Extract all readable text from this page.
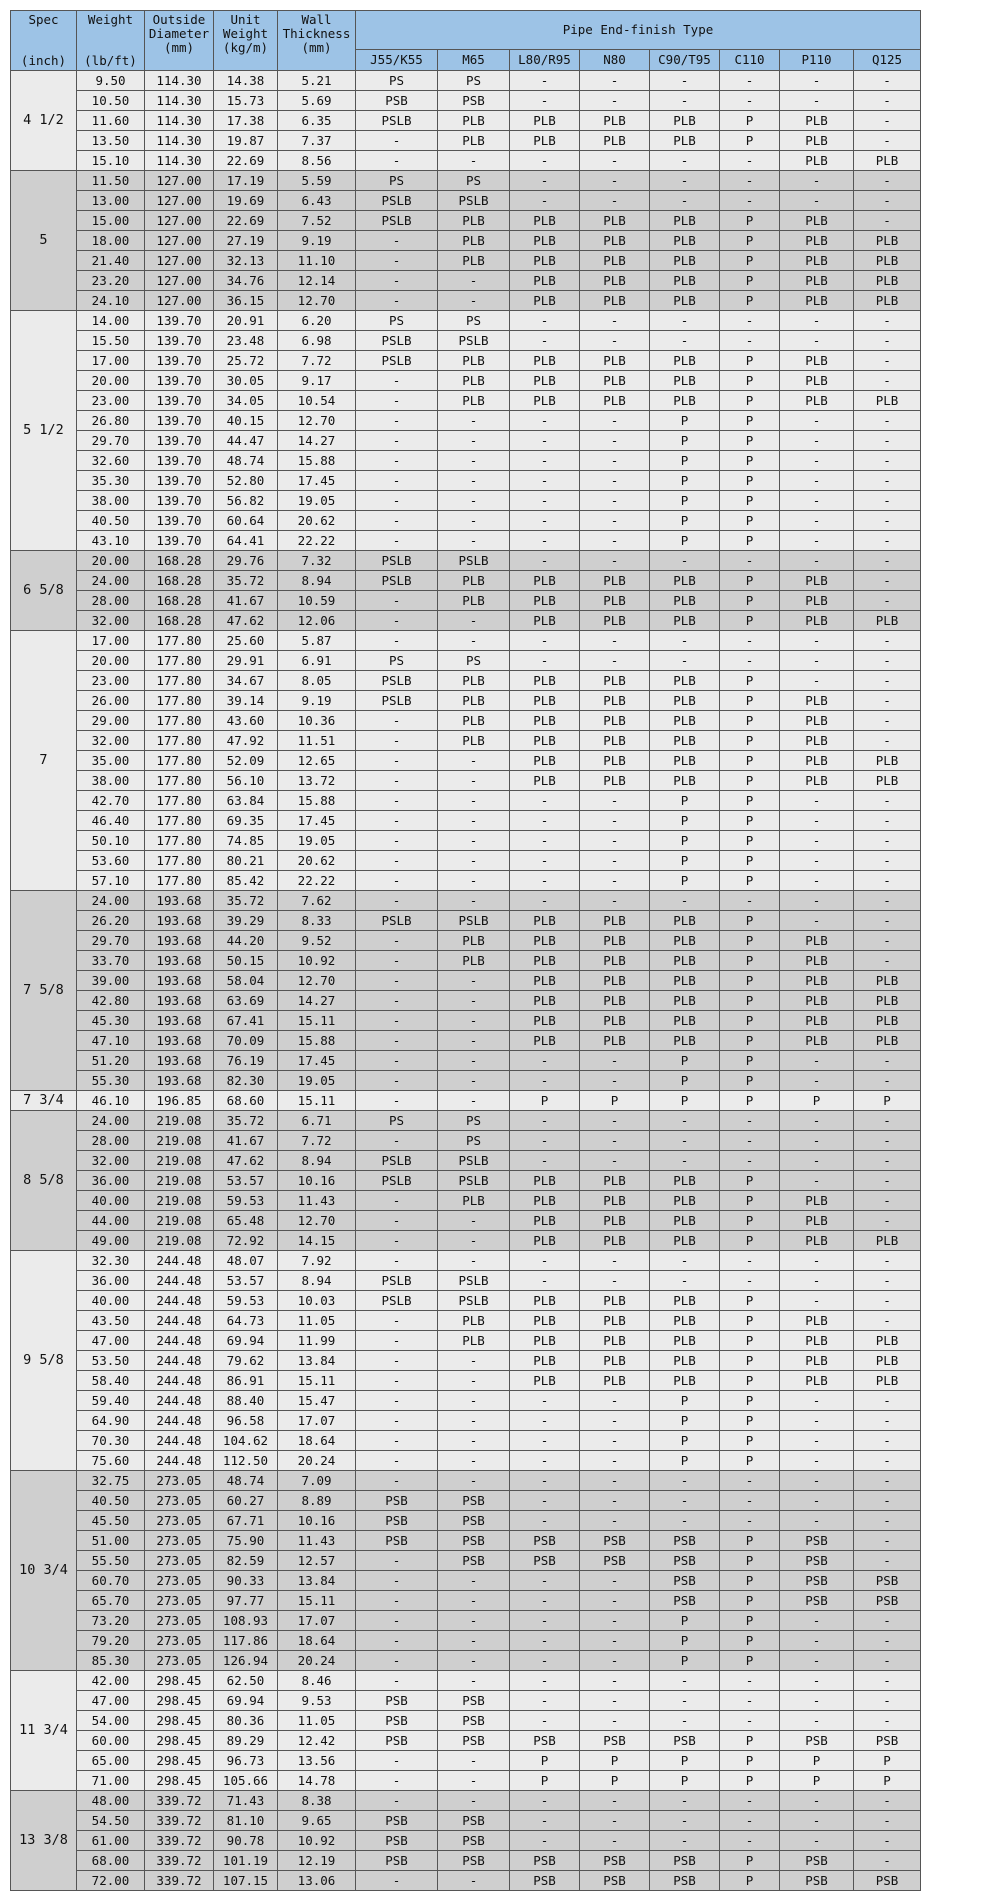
Spec
(inch)	Weight
(lb/ft)	Outside Diameter (mm)	Unit Weight (kg/m)	Wall Thickness (mm)	Pipe End-finish Type							
					J55/K55	M65	L80/R95	N80	C90/T95	C110	P110	Q125
4 1/2	9.50	114.30	14.38	5.21	PS	PS	-	-	-	-	-	-
	10.50	114.30	15.73	5.69	PSB	PSB	-	-	-	-	-	-
	11.60	114.30	17.38	6.35	PSLB	PLB	PLB	PLB	PLB	P	PLB	-
	13.50	114.30	19.87	7.37	-	PLB	PLB	PLB	PLB	P	PLB	-
	15.10	114.30	22.69	8.56	-	-	-	-	-	-	PLB	PLB
5	11.50	127.00	17.19	5.59	PS	PS	-	-	-	-	-	-
	13.00	127.00	19.69	6.43	PSLB	PSLB	-	-	-	-	-	-
	15.00	127.00	22.69	7.52	PSLB	PLB	PLB	PLB	PLB	P	PLB	-
	18.00	127.00	27.19	9.19	-	PLB	PLB	PLB	PLB	P	PLB	PLB
	21.40	127.00	32.13	11.10	-	PLB	PLB	PLB	PLB	P	PLB	PLB
	23.20	127.00	34.76	12.14	-	-	PLB	PLB	PLB	P	PLB	PLB
	24.10	127.00	36.15	12.70	-	-	PLB	PLB	PLB	P	PLB	PLB
5 1/2	14.00	139.70	20.91	6.20	PS	PS	-	-	-	-	-	-
	15.50	139.70	23.48	6.98	PSLB	PSLB	-	-	-	-	-	-
	17.00	139.70	25.72	7.72	PSLB	PLB	PLB	PLB	PLB	P	PLB	-
	20.00	139.70	30.05	9.17	-	PLB	PLB	PLB	PLB	P	PLB	-
	23.00	139.70	34.05	10.54	-	PLB	PLB	PLB	PLB	P	PLB	PLB
	26.80	139.70	40.15	12.70	-	-	-	-	P	P	-	-
	29.70	139.70	44.47	14.27	-	-	-	-	P	P	-	-
	32.60	139.70	48.74	15.88	-	-	-	-	P	P	-	-
	35.30	139.70	52.80	17.45	-	-	-	-	P	P	-	-
	38.00	139.70	56.82	19.05	-	-	-	-	P	P	-	-
	40.50	139.70	60.64	20.62	-	-	-	-	P	P	-	-
	43.10	139.70	64.41	22.22	-	-	-	-	P	P	-	-
6 5/8	20.00	168.28	29.76	7.32	PSLB	PSLB	-	-	-	-	-	-
	24.00	168.28	35.72	8.94	PSLB	PLB	PLB	PLB	PLB	P	PLB	-
	28.00	168.28	41.67	10.59	-	PLB	PLB	PLB	PLB	P	PLB	-
	32.00	168.28	47.62	12.06	-	-	PLB	PLB	PLB	P	PLB	PLB
7	17.00	177.80	25.60	5.87	-	-	-	-	-	-	-	-
	20.00	177.80	29.91	6.91	PS	PS	-	-	-	-	-	-
	23.00	177.80	34.67	8.05	PSLB	PLB	PLB	PLB	PLB	P	-	-
	26.00	177.80	39.14	9.19	PSLB	PLB	PLB	PLB	PLB	P	PLB	-
	29.00	177.80	43.60	10.36	-	PLB	PLB	PLB	PLB	P	PLB	-
	32.00	177.80	47.92	11.51	-	PLB	PLB	PLB	PLB	P	PLB	-
	35.00	177.80	52.09	12.65	-	-	PLB	PLB	PLB	P	PLB	PLB
	38.00	177.80	56.10	13.72	-	-	PLB	PLB	PLB	P	PLB	PLB
	42.70	177.80	63.84	15.88	-	-	-	-	P	P	-	-
	46.40	177.80	69.35	17.45	-	-	-	-	P	P	-	-
	50.10	177.80	74.85	19.05	-	-	-	-	P	P	-	-
	53.60	177.80	80.21	20.62	-	-	-	-	P	P	-	-
	57.10	177.80	85.42	22.22	-	-	-	-	P	P	-	-
7 5/8	24.00	193.68	35.72	7.62	-	-	-	-	-	-	-	-
	26.20	193.68	39.29	8.33	PSLB	PSLB	PLB	PLB	PLB	P	-	-
	29.70	193.68	44.20	9.52	-	PLB	PLB	PLB	PLB	P	PLB	-
	33.70	193.68	50.15	10.92	-	PLB	PLB	PLB	PLB	P	PLB	-
	39.00	193.68	58.04	12.70	-	-	PLB	PLB	PLB	P	PLB	PLB
	42.80	193.68	63.69	14.27	-	-	PLB	PLB	PLB	P	PLB	PLB
	45.30	193.68	67.41	15.11	-	-	PLB	PLB	PLB	P	PLB	PLB
	47.10	193.68	70.09	15.88	-	-	PLB	PLB	PLB	P	PLB	PLB
	51.20	193.68	76.19	17.45	-	-	-	-	P	P	-	-
	55.30	193.68	82.30	19.05	-	-	-	-	P	P	-	-
7 3/4	46.10	196.85	68.60	15.11	-	-	P	P	P	P	P	P
8 5/8	24.00	219.08	35.72	6.71	PS	PS	-	-	-	-	-	-
	28.00	219.08	41.67	7.72	-	PS	-	-	-	-	-	-
	32.00	219.08	47.62	8.94	PSLB	PSLB	-	-	-	-	-	-
	36.00	219.08	53.57	10.16	PSLB	PSLB	PLB	PLB	PLB	P	-	-
	40.00	219.08	59.53	11.43	-	PLB	PLB	PLB	PLB	P	PLB	-
	44.00	219.08	65.48	12.70	-	-	PLB	PLB	PLB	P	PLB	-
	49.00	219.08	72.92	14.15	-	-	PLB	PLB	PLB	P	PLB	PLB
9 5/8	32.30	244.48	48.07	7.92	-	-	-	-	-	-	-	-
	36.00	244.48	53.57	8.94	PSLB	PSLB	-	-	-	-	-	-
	40.00	244.48	59.53	10.03	PSLB	PSLB	PLB	PLB	PLB	P	-	-
	43.50	244.48	64.73	11.05	-	PLB	PLB	PLB	PLB	P	PLB	-
	47.00	244.48	69.94	11.99	-	PLB	PLB	PLB	PLB	P	PLB	PLB
	53.50	244.48	79.62	13.84	-	-	PLB	PLB	PLB	P	PLB	PLB
	58.40	244.48	86.91	15.11	-	-	PLB	PLB	PLB	P	PLB	PLB
	59.40	244.48	88.40	15.47	-	-	-	-	P	P	-	-
	64.90	244.48	96.58	17.07	-	-	-	-	P	P	-	-
	70.30	244.48	104.62	18.64	-	-	-	-	P	P	-	-
	75.60	244.48	112.50	20.24	-	-	-	-	P	P	-	-
10 3/4	32.75	273.05	48.74	7.09	-	-	-	-	-	-	-	-
	40.50	273.05	60.27	8.89	PSB	PSB	-	-	-	-	-	-
	45.50	273.05	67.71	10.16	PSB	PSB	-	-	-	-	-	-
	51.00	273.05	75.90	11.43	PSB	PSB	PSB	PSB	PSB	P	PSB	-
	55.50	273.05	82.59	12.57	-	PSB	PSB	PSB	PSB	P	PSB	-
	60.70	273.05	90.33	13.84	-	-	-	-	PSB	P	PSB	PSB
	65.70	273.05	97.77	15.11	-	-	-	-	PSB	P	PSB	PSB
	73.20	273.05	108.93	17.07	-	-	-	-	P	P	-	-
	79.20	273.05	117.86	18.64	-	-	-	-	P	P	-	-
	85.30	273.05	126.94	20.24	-	-	-	-	P	P	-	-
11 3/4	42.00	298.45	62.50	8.46	-	-	-	-	-	-	-	-
	47.00	298.45	69.94	9.53	PSB	PSB	-	-	-	-	-	-
	54.00	298.45	80.36	11.05	PSB	PSB	-	-	-	-	-	-
	60.00	298.45	89.29	12.42	PSB	PSB	PSB	PSB	PSB	P	PSB	PSB
	65.00	298.45	96.73	13.56	-	-	P	P	P	P	P	P
	71.00	298.45	105.66	14.78	-	-	P	P	P	P	P	P
13 3/8	48.00	339.72	71.43	8.38	-	-	-	-	-	-	-	-
	54.50	339.72	81.10	9.65	PSB	PSB	-	-	-	-	-	-
	61.00	339.72	90.78	10.92	PSB	PSB	-	-	-	-	-	-
	68.00	339.72	101.19	12.19	PSB	PSB	PSB	PSB	PSB	P	PSB	-
	72.00	339.72	107.15	13.06	-	-	PSB	PSB	PSB	P	PSB	PSB
